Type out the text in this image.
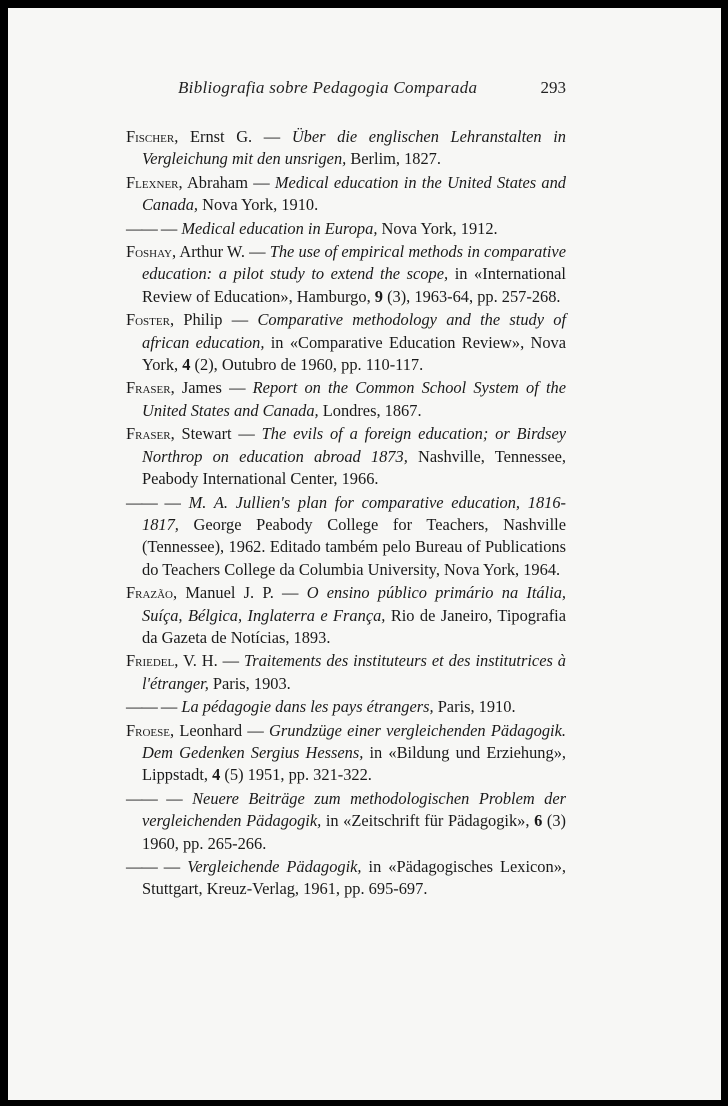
Bibliografia sobre Pedagogia Comparada	293

Fischer, Ernst G. — Über die englischen Lehranstalten in Vergleichung mit den unsrigen, Berlim, 1827.

Flexner, Abraham — Medical education in the United States and Canada, Nova York, 1910.

—— — Medical education in Europa, Nova York, 1912.

Foshay, Arthur W. — The use of empirical methods in comparative education: a pilot study to extend the scope, in «International Review of Education», Hamburgo, 9 (3), 1963-64, pp. 257-268.

Foster, Philip — Comparative methodology and the study of african education, in «Comparative Education Review», Nova York, 4 (2), Outubro de 1960, pp. 110-117.

Fraser, James — Report on the Common School System of the United States and Canada, Londres, 1867.

Fraser, Stewart — The evils of a foreign education; or Birdsey Northrop on education abroad 1873, Nashville, Tennessee, Peabody International Center, 1966.

—— — M. A. Jullien's plan for comparative education, 1816-1817, George Peabody College for Teachers, Nashville (Tennessee), 1962. Editado também pelo Bureau of Publications do Teachers College da Columbia University, Nova York, 1964.

Frazão, Manuel J. P. — O ensino público primário na Itália, Suíça, Bélgica, Inglaterra e França, Rio de Janeiro, Tipografia da Gazeta de Notícias, 1893.

Friedel, V. H. — Traitements des instituteurs et des institutrices à l'étranger, Paris, 1903.

—— — La pédagogie dans les pays étrangers, Paris, 1910.

Froese, Leonhard — Grundzüge einer vergleichenden Pädagogik. Dem Gedenken Sergius Hessens, in «Bildung und Erziehung», Lippstadt, 4 (5) 1951, pp. 321-322.

—— — Neuere Beiträge zum methodologischen Problem der vergleichenden Pädagogik, in «Zeitschrift für Pädagogik», 6 (3) 1960, pp. 265-266.

—— — Vergleichende Pädagogik, in «Pädagogisches Lexicon», Stuttgart, Kreuz-Verlag, 1961, pp. 695-697.
